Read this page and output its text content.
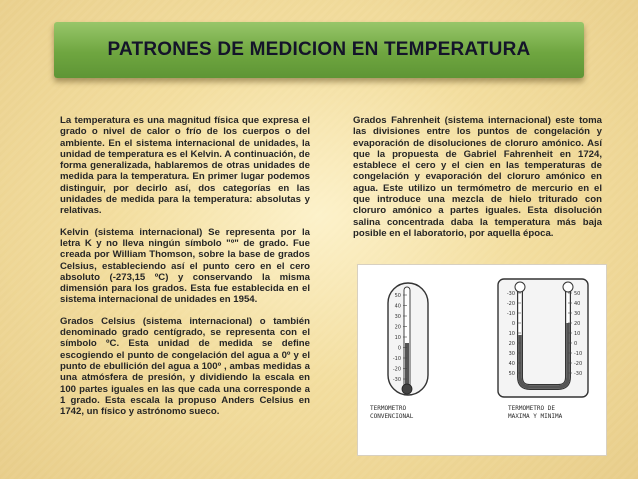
PATRONES DE MEDICION EN TEMPERATURA

La temperatura es una magnitud física que expresa el grado o nivel de calor o frío de los cuerpos o del ambiente. En el sistema internacional de unidades, la unidad de temperatura es el Kelvin. A continuación, de forma generalizada, hablaremos de otras unidades de medida para la temperatura. En primer lugar podemos distinguir, por decirlo así, dos categorías en las unidades de medida para la temperatura: absolutas y relativas.

Kelvin (sistema internacional) Se representa por la letra K y no lleva ningún símbolo "º" de grado. Fue creada por William Thomson, sobre la base de grados Celsius, estableciendo así el punto cero en el cero absoluto (-273,15 ºC) y conservando la misma dimensión para los grados. Esta fue establecida en el sistema internacional de unidades en 1954.

Grados Celsius (sistema internacional) o también denominado grado centígrado, se representa con el símbolo ºC. Esta unidad de medida se define escogiendo el punto de congelación del agua a 0º y el punto de ebullición del agua a 100º , ambas medidas a una atmósfera de presión, y dividiendo la escala en 100 partes iguales en las que cada una corresponde a 1 grado. Esta escala la propuso Anders Celsius en 1742, un físico y astrónomo sueco.

Grados Fahrenheit (sistema internacional) este toma las divisiones entre los puntos de congelación y evaporación de disoluciones de cloruro amónico. Así que la propuesta de Gabriel Fahrenheit en 1724, establece el cero y el cien en las temperaturas de congelación y evaporación del cloruro amónico en agua. Este utilizo un termómetro de mercurio en el que introduce una mezcla de hielo triturado con cloruro amónico a partes iguales. Esta disolución salina concentrada daba la temperatura más baja posible en el laboratorio, por aquella época.

50
40
30
20
10
0
-10
-20
-30
-30
-20
-10
0
10
20
30
40
50
50
40
30
20
10
0
-10
-20
-30
TERMOMETRO
CONVENCIONAL
TERMOMETRO DE
MAXIMA Y MINIMA
